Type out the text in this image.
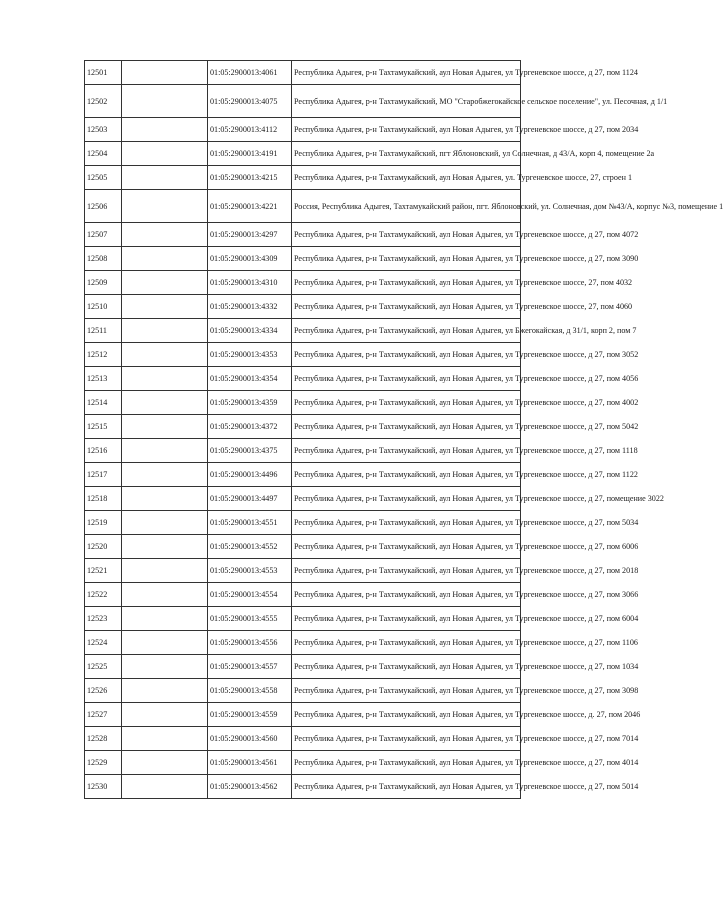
12501		01:05:2900013:4061	Республика Адыгея, р-н Тахтамукайский, аул Новая Адыгея, ул Тургеневское шоссе, д 27, пом 1124
12502		01:05:2900013:4075	Республика Адыгея, р-н Тахтамукайский, МО "Старобжегокайское сельское поселение", ул. Песочная, д 1/1
12503		01:05:2900013:4112	Республика Адыгея, р-н Тахтамукайский, аул Новая Адыгея, ул Тургеневское шоссе, д 27, пом 2034
12504		01:05:2900013:4191	Республика Адыгея, р-н Тахтамукайский, пгт Яблоновский, ул Солнечная, д 43/А, корп 4, помещение 2а
12505		01:05:2900013:4215	Республика Адыгея, р-н Тахтамукайский, аул Новая Адыгея, ул. Тургеневское шоссе, 27, строен 1
12506		01:05:2900013:4221	Россия, Республика Адыгея, Тахтамукайский район, пгт. Яблоновский, ул. Солнечная, дом №43/А, корпус №3, помещение 1
12507		01:05:2900013:4297	Республика Адыгея, р-н Тахтамукайский, аул Новая Адыгея, ул Тургеневское шоссе, д 27, пом 4072
12508		01:05:2900013:4309	Республика Адыгея, р-н Тахтамукайский, аул Новая Адыгея, ул Тургеневское шоссе, д 27, пом 3090
12509		01:05:2900013:4310	Республика Адыгея, р-н Тахтамукайский, аул Новая Адыгея, ул Тургеневское шоссе, 27, пом 4032
12510		01:05:2900013:4332	Республика Адыгея, р-н Тахтамукайский, аул Новая Адыгея, ул Тургеневское шоссе, 27, пом 4060
12511		01:05:2900013:4334	Республика Адыгея, р-н Тахтамукайский, аул Новая Адыгея, ул Бжегокайская, д 31/1, корп 2, пом 7
12512		01:05:2900013:4353	Республика Адыгея, р-н Тахтамукайский, аул Новая Адыгея, ул Тургеневское шоссе, д 27, пом 3052
12513		01:05:2900013:4354	Республика Адыгея, р-н Тахтамукайский, аул Новая Адыгея, ул Тургеневское шоссе, д 27, пом 4056
12514		01:05:2900013:4359	Республика Адыгея, р-н Тахтамукайский, аул Новая Адыгея, ул Тургеневское шоссе, д 27, пом 4002
12515		01:05:2900013:4372	Республика Адыгея, р-н Тахтамукайский, аул Новая Адыгея, ул Тургеневское шоссе, д 27, пом 5042
12516		01:05:2900013:4375	Республика Адыгея, р-н Тахтамукайский, аул Новая Адыгея, ул Тургеневское шоссе, д 27, пом 1118
12517		01:05:2900013:4496	Республика Адыгея, р-н Тахтамукайский, аул Новая Адыгея, ул Тургеневское шоссе, д 27, пом 1122
12518		01:05:2900013:4497	Республика Адыгея, р-н Тахтамукайский, аул Новая Адыгея, ул Тургеневское шоссе, д 27, помещение 3022
12519		01:05:2900013:4551	Республика Адыгея, р-н Тахтамукайский, аул Новая Адыгея, ул Тургеневское шоссе, д 27, пом 5034
12520		01:05:2900013:4552	Республика Адыгея, р-н Тахтамукайский, аул Новая Адыгея, ул Тургеневское шоссе, д 27, пом 6006
12521		01:05:2900013:4553	Республика Адыгея, р-н Тахтамукайский, аул Новая Адыгея, ул Тургеневское шоссе, д 27, пом 2018
12522		01:05:2900013:4554	Республика Адыгея, р-н Тахтамукайский, аул Новая Адыгея, ул Тургеневское шоссе, д 27, пом 3066
12523		01:05:2900013:4555	Республика Адыгея, р-н Тахтамукайский, аул Новая Адыгея, ул Тургеневское шоссе, д 27, пом 6004
12524		01:05:2900013:4556	Республика Адыгея, р-н Тахтамукайский, аул Новая Адыгея, ул Тургеневское шоссе, д 27, пом 1106
12525		01:05:2900013:4557	Республика Адыгея, р-н Тахтамукайский, аул Новая Адыгея, ул Тургеневское шоссе, д 27, пом 1034
12526		01:05:2900013:4558	Республика Адыгея, р-н Тахтамукайский, аул Новая Адыгея, ул Тургеневское шоссе, д 27, пом 3098
12527		01:05:2900013:4559	Республика Адыгея, р-н Тахтамукайский, аул Новая Адыгея, ул Тургеневское шоссе, д. 27, пом 2046
12528		01:05:2900013:4560	Республика Адыгея, р-н Тахтамукайский, аул Новая Адыгея, ул Тургеневское шоссе, д 27, пом 7014
12529		01:05:2900013:4561	Республика Адыгея, р-н Тахтамукайский, аул Новая Адыгея, ул Тургеневское шоссе, д 27, пом 4014
12530		01:05:2900013:4562	Республика Адыгея, р-н Тахтамукайский, аул Новая Адыгея, ул Тургеневское шоссе, д 27, пом 5014
